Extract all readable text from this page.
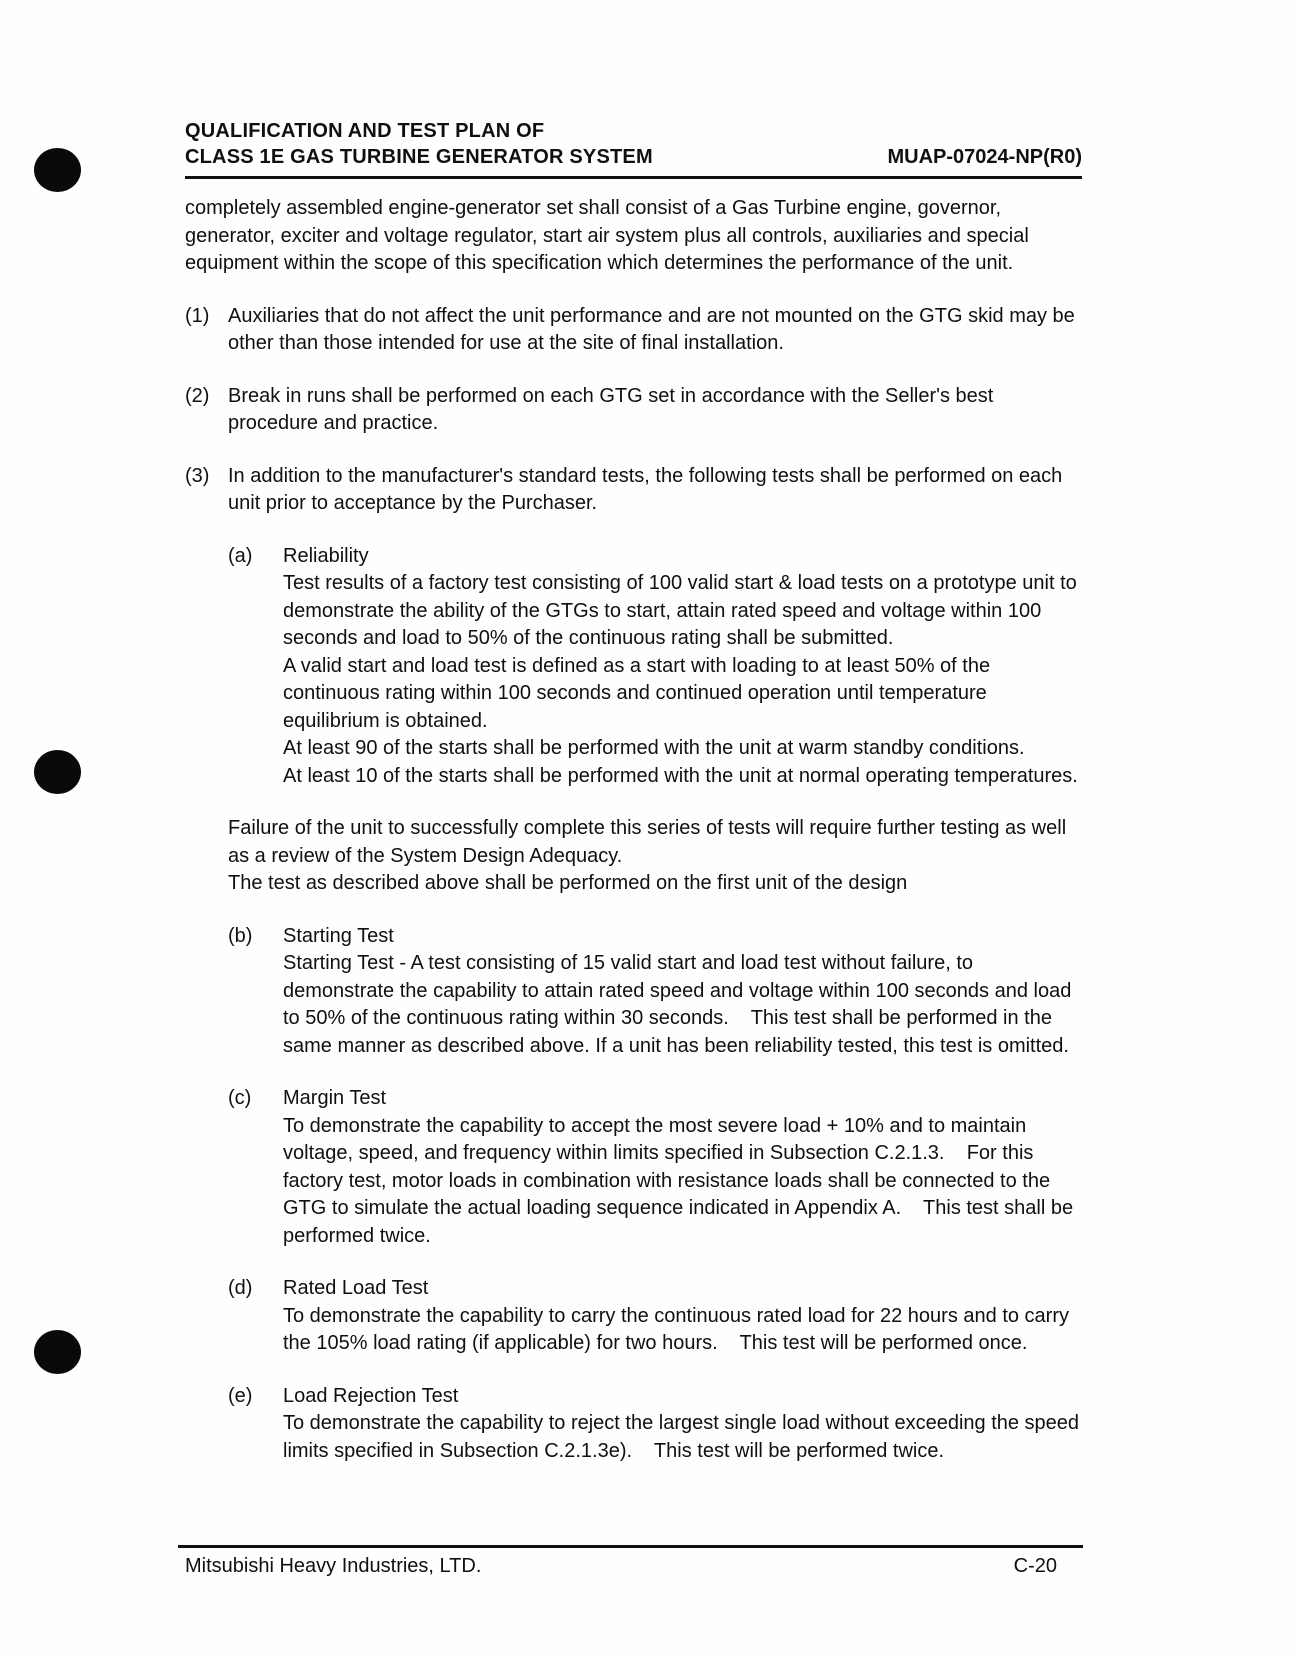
QUALIFICATION AND TEST PLAN OF
CLASS 1E GAS TURBINE GENERATOR SYSTEM	MUAP-07024-NP(R0)

completely assembled engine-generator set shall consist of a Gas Turbine engine, governor, generator, exciter and voltage regulator, start air system plus all controls, auxiliaries and special equipment within the scope of this specification which determines the performance of the unit.

(1) Auxiliaries that do not affect the unit performance and are not mounted on the GTG skid may be other than those intended for use at the site of final installation.

(2) Break in runs shall be performed on each GTG set in accordance with the Seller's best procedure and practice.

(3) In addition to the manufacturer's standard tests, the following tests shall be performed on each unit prior to acceptance by the Purchaser.

(a)	Reliability

Test results of a factory test consisting of 100 valid start & load tests on a prototype unit to demonstrate the ability of the GTGs to start, attain rated speed and voltage within 100 seconds and load to 50% of the continuous rating shall be submitted.

A valid start and load test is defined as a start with loading to at least 50% of the continuous rating within 100 seconds and continued operation until temperature equilibrium is obtained.

At least 90 of the starts shall be performed with the unit at warm standby conditions.

At least 10 of the starts shall be performed with the unit at normal operating temperatures.

Failure of the unit to successfully complete this series of tests will require further testing as well as a review of the System Design Adequacy.

The test as described above shall be performed on the first unit of the design

(b)	Starting Test

Starting Test - A test consisting of 15 valid start and load test without failure, to demonstrate the capability to attain rated speed and voltage within 100 seconds and load to 50% of the continuous rating within 30 seconds.    This test shall be performed in the same manner as described above. If a unit has been reliability tested, this test is omitted.

(c)	Margin Test

To demonstrate the capability to accept the most severe load + 10% and to maintain voltage, speed, and frequency within limits specified in Subsection C.2.1.3.    For this factory test, motor loads in combination with resistance loads shall be connected to the GTG to simulate the actual loading sequence indicated in Appendix A.    This test shall be performed twice.

(d)	Rated Load Test

To demonstrate the capability to carry the continuous rated load for 22 hours and to carry the 105% load rating (if applicable) for two hours.    This test will be performed once.

(e)	Load Rejection Test

To demonstrate the capability to reject the largest single load without exceeding the speed limits specified in Subsection C.2.1.3e).    This test will be performed twice.

Mitsubishi Heavy Industries, LTD.	C-20
